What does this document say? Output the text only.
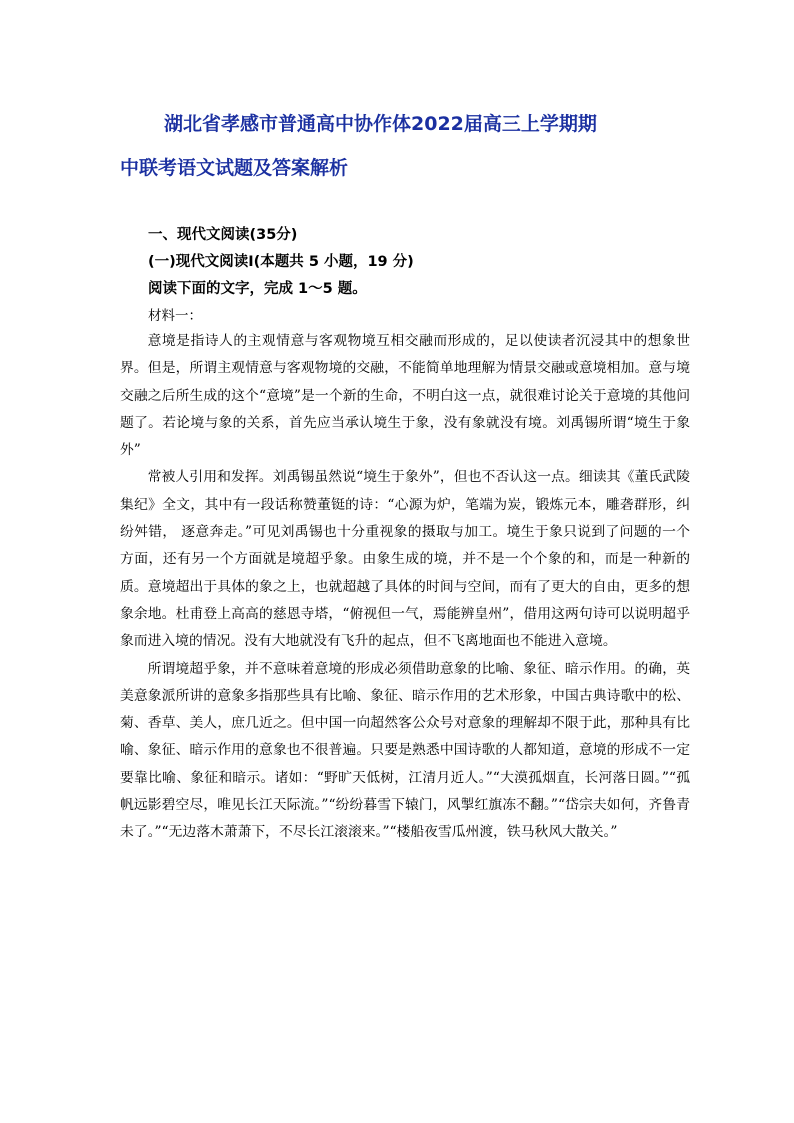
湖北省孝感市普通高中协作体2022届高三上学期期
中联考语文试题及答案解析
一、现代文阅读(35分)
(一)现代文阅读Ⅰ(本题共 5 小题，19 分)
阅读下面的文字，完成 1～5 题。
材料一：

意境是指诗人的主观情意与客观物境互相交融而形成的，足以使读者沉浸其中的想象世界。但是，所谓主观情意与客观物境的交融，不能简单地理解为情景交融或意境相加。意与境交融之后所生成的这个“意境”是一个新的生命，不明白这一点，就很难讨论关于意境的其他问题了。若论境与象的关系，首先应当承认境生于象，没有象就没有境。刘禹锡所谓“境生于象外”

常被人引用和发挥。刘禹锡虽然说“境生于象外”，但也不否认这一点。细读其《董氏武陵集纪》全文，其中有一段话称赞董铤的诗：“心源为炉，笔端为炭，锻炼元本，雕砻群形，纠纷舛错， 逐意奔走。”可见刘禹锡也十分重视象的摄取与加工。境生于象只说到了问题的一个方面，还有另一个方面就是境超乎象。由象生成的境，并不是一个个象的和，而是一种新的质。意境超出于具体的象之上，也就超越了具体的时间与空间，而有了更大的自由，更多的想象余地。杜甫登上高高的慈恩寺塔，“俯视但一气，焉能辨皇州”，借用这两句诗可以说明超乎象而进入境的情况。没有大地就没有飞升的起点，但不飞离地面也不能进入意境。

所谓境超乎象，并不意味着意境的形成必须借助意象的比喻、象征、暗示作用。的确，英美意象派所讲的意象多指那些具有比喻、象征、暗示作用的艺术形象，中国古典诗歌中的松、菊、香草、美人，庶几近之。但中国一向超然客公众号对意象的理解却不限于此，那种具有比喻、象征、暗示作用的意象也不很普遍。只要是熟悉中国诗歌的人都知道，意境的形成不一定要靠比喻、象征和暗示。诸如：“野旷天低树，江清月近人。”“大漠孤烟直，长河落日圆。”“孤帆远影碧空尽，唯见长江天际流。”“纷纷暮雪下辕门，风掣红旗冻不翻。”“岱宗夫如何，齐鲁青未了。”“无边落木萧萧下，不尽长江滚滚来。”“楼船夜雪瓜州渡，铁马秋风大散关。”
